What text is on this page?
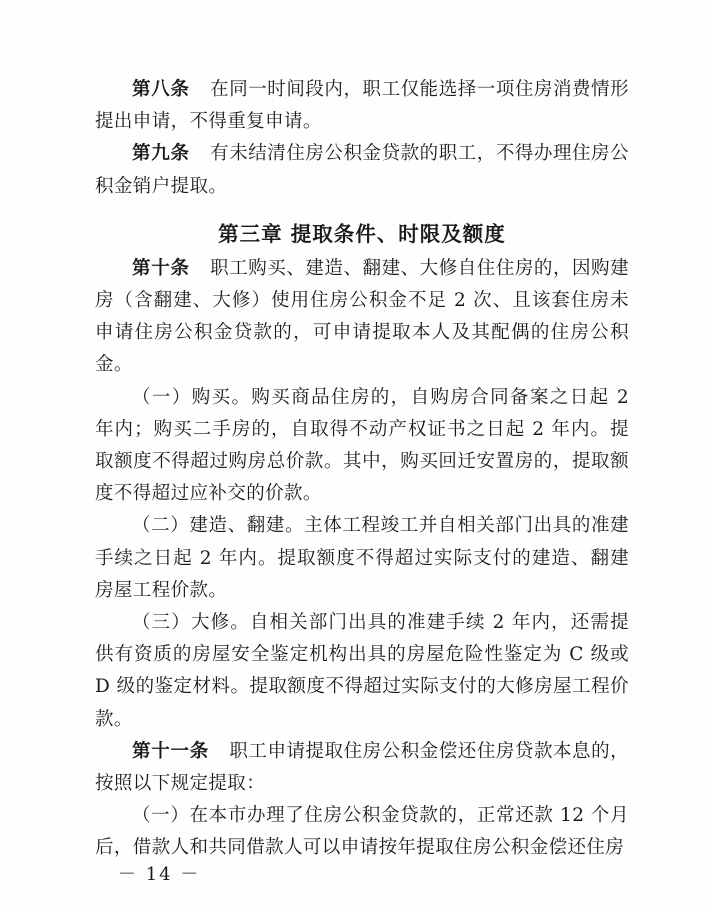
第八条 在同一时间段内，职工仅能选择一项住房消费情形提出申请，不得重复申请。

第九条 有未结清住房公积金贷款的职工，不得办理住房公积金销户提取。

第三章 提取条件、时限及额度

第十条 职工购买、建造、翻建、大修自住住房的，因购建房（含翻建、大修）使用住房公积金不足 2 次、且该套住房未申请住房公积金贷款的，可申请提取本人及其配偶的住房公积金。

（一）购买。购买商品住房的，自购房合同备案之日起 2 年内；购买二手房的，自取得不动产权证书之日起 2 年内。提取额度不得超过购房总价款。其中，购买回迁安置房的，提取额度不得超过应补交的价款。

（二）建造、翻建。主体工程竣工并自相关部门出具的准建手续之日起 2 年内。提取额度不得超过实际支付的建造、翻建房屋工程价款。

（三）大修。自相关部门出具的准建手续 2 年内，还需提供有资质的房屋安全鉴定机构出具的房屋危险性鉴定为 C 级或 D 级的鉴定材料。提取额度不得超过实际支付的大修房屋工程价款。

第十一条 职工申请提取住房公积金偿还住房贷款本息的，按照以下规定提取：

（一）在本市办理了住房公积金贷款的，正常还款 12 个月后，借款人和共同借款人可以申请按年提取住房公积金偿还住房

－ 14 －
